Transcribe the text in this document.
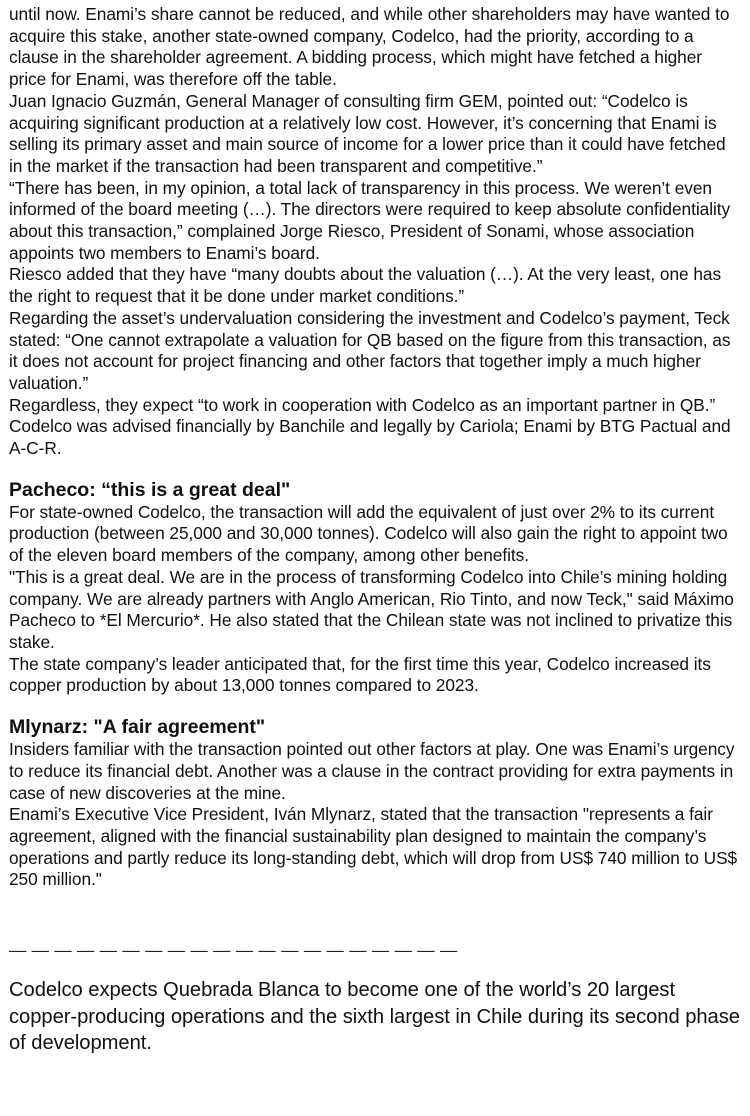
until now. Enami’s share cannot be reduced, and while other shareholders may have wanted to acquire this stake, another state-owned company, Codelco, had the priority, according to a clause in the shareholder agreement. A bidding process, which might have fetched a higher price for Enami, was therefore off the table.

Juan Ignacio Guzmán, General Manager of consulting firm GEM, pointed out: “Codelco is acquiring significant production at a relatively low cost. However, it’s concerning that Enami is selling its primary asset and main source of income for a lower price than it could have fetched in the market if the transaction had been transparent and competitive.”

“There has been, in my opinion, a total lack of transparency in this process. We weren’t even informed of the board meeting (…). The directors were required to keep absolute confidentiality about this transaction,” complained Jorge Riesco, President of Sonami, whose association appoints two members to Enami’s board.

Riesco added that they have “many doubts about the valuation (…). At the very least, one has the right to request that it be done under market conditions.”

Regarding the asset’s undervaluation considering the investment and Codelco’s payment, Teck stated: “One cannot extrapolate a valuation for QB based on the figure from this transaction, as it does not account for project financing and other factors that together imply a much higher valuation.”

Regardless, they expect “to work in cooperation with Codelco as an important partner in QB.”

Codelco was advised financially by Banchile and legally by Cariola; Enami by BTG Pactual and A-C-R.

Pacheco: “this is a great deal"

For state-owned Codelco, the transaction will add the equivalent of just over 2% to its current production (between 25,000 and 30,000 tonnes). Codelco will also gain the right to appoint two of the eleven board members of the company, among other benefits.

"This is a great deal. We are in the process of transforming Codelco into Chile’s mining holding company. We are already partners with Anglo American, Rio Tinto, and now Teck," said Máximo Pacheco to *El Mercurio*. He also stated that the Chilean state was not inclined to privatize this stake.

The state company’s leader anticipated that, for the first time this year, Codelco increased its copper production by about 13,000 tonnes compared to 2023.

Mlynarz: "A fair agreement"

Insiders familiar with the transaction pointed out other factors at play. One was Enami’s urgency to reduce its financial debt. Another was a clause in the contract providing for extra payments in case of new discoveries at the mine.

Enami’s Executive Vice President, Iván Mlynarz, stated that the transaction "represents a fair agreement, aligned with the financial sustainability plan designed to maintain the company’s operations and partly reduce its long-standing debt, which will drop from US$ 740 million to US$ 250 million."

— — — — — — — — — — — — — — — — — — — —

Codelco expects Quebrada Blanca to become one of the world’s 20 largest copper-producing operations and the sixth largest in Chile during its second phase of development.
